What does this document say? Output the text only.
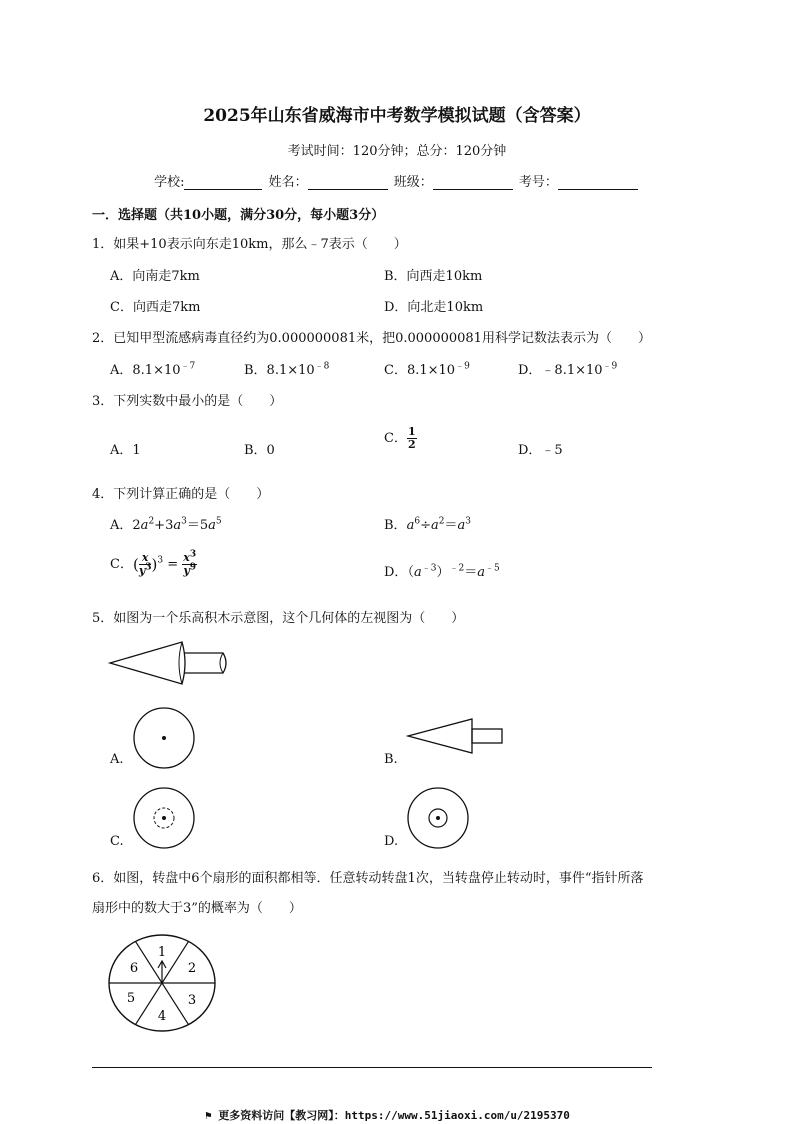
2025年山东省威海市中考数学模拟试题（含答案）
考试时间：120分钟；总分：120分钟
学校:	姓名：	班级：	考号：
一．选择题（共10小题，满分30分，每小题3分）
1．如果+10表示向东走10km，那么﹣7表示（　　）
A．向南走7km	B．向西走10km
C．向西走7km	D．向北走10km
2．已知甲型流感病毒直径约为0.000000081米，把0.000000081用科学记数法表示为（　　）
A．$8.1\times 10^{﹣7}$	B．$8.1\times 10^{﹣8}$	C．$8.1\times 10^{﹣9}$	D．$﹣8.1\times 10^{﹣9}$
3．下列实数中最小的是（　　）
A．1	B．0
C． $\frac{1}{2}$	D．﹣5
4．下列计算正确的是（　　）
A．$2a^2+3a^3=5a^5$	B．$a^6\div a^2=a^3$
C．( $\frac{x}{y^3} )^3 = \frac{x^3}{y^9}$	D．$(a^{﹣3})^{﹣2}=a^{﹣5}$
5．如图为一个乐高积木示意图，这个几何体的左视图为（　　）
A.	B.
C.	D.
6．如图，转盘中6个扇形的面积都相等．任意转动转盘1次，当转盘停止转动时，事件“指针所落
扇形中的数大于3”的概率为（　　）
1
2
3
4
5
6
⚑ 更多资料访问【教习网】：https://www.51jiaoxi.com/u/2195370
